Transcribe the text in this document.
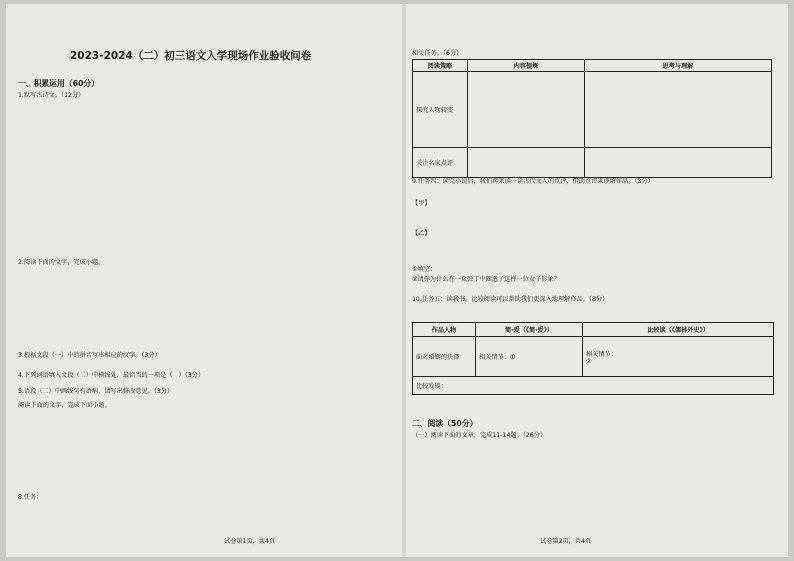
2023-2024（二）初三语文入学现场作业验收问卷
一、积累运用（60分）
1.默写古诗文。（12分）
2.阅读下面的文字，完成小题。
3.根据文段（一）中的拼音写出相应的汉字。（3分）
4.下列词语填入文段（二）中横线处，最恰当的一项是（　）（3分）
5.语段（二）中画线句有语病，请写出修改意见。（3分）
阅读下面的文字，完成下面小题。
8.任务：
试卷第1页，共4页
相关任务。（6分）
阅读策略	内容提炼	思考与理解
探究人物转变		
关注名家点评		
9.任务四：读完小说后，我们再来读一读古代文人的点评，借助点评来理解作品。（3分）
【甲】
【乙】
①填空：
②请你为什么在一众弹丁中圈选了这样一位女子形象？
10.任务五：读我书。比较阅读可以帮助我们更深入地理解作品。（8分）
作品人物	简·爱（《简·爱》）	比较读（《儒林外史》）
面对婚姻的抉择	相关情节：①	相关情节：
②

比较发现：		
二、阅读（50分）
（一）阅读下面的文章，完成11-14题。（26分）
试卷第2页，共4页
